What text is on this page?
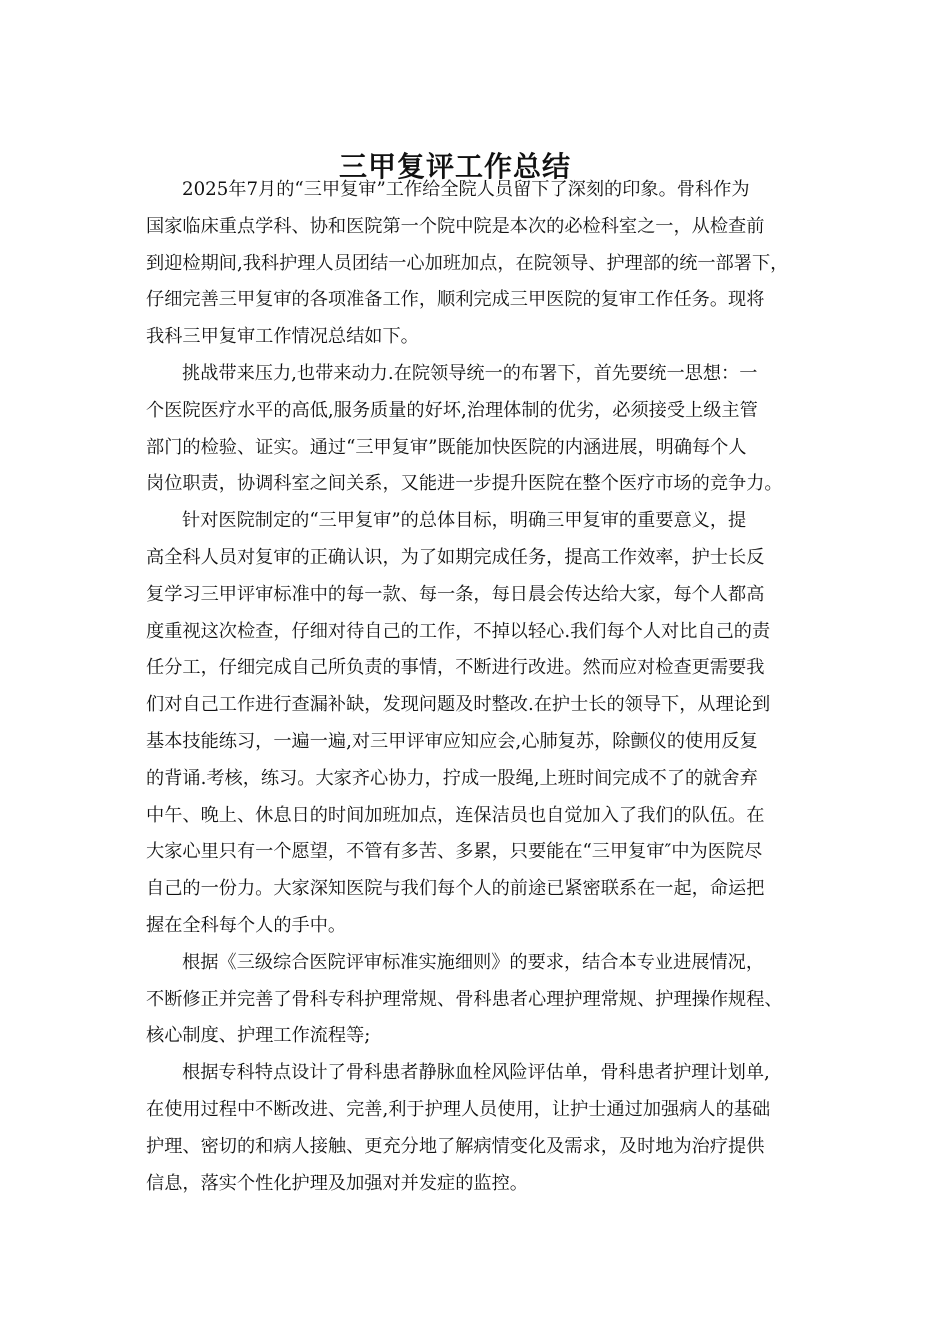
三甲复评工作总结
2025年7月的“三甲复审”工作给全院人员留下了深刻的印象。骨科作为
国家临床重点学科、协和医院第一个院中院是本次的必检科室之一，从检查前
到迎检期间,我科护理人员团结一心加班加点，在院领导、护理部的统一部署下，
仔细完善三甲复审的各项准备工作，顺利完成三甲医院的复审工作任务。现将
我科三甲复审工作情况总结如下。
挑战带来压力,也带来动力.在院领导统一的布署下，首先要统一思想：一
个医院医疗水平的高低,服务质量的好坏,治理体制的优劣，必须接受上级主管
部门的检验、证实。通过“三甲复审”既能加快医院的内涵进展，明确每个人
岗位职责，协调科室之间关系，又能进一步提升医院在整个医疗市场的竞争力。
针对医院制定的“三甲复审”的总体目标，明确三甲复审的重要意义，提
高全科人员对复审的正确认识，为了如期完成任务，提高工作效率，护士长反
复学习三甲评审标准中的每一款、每一条，每日晨会传达给大家，每个人都高
度重视这次检查，仔细对待自己的工作，不掉以轻心.我们每个人对比自己的责
任分工，仔细完成自己所负责的事情，不断进行改进。然而应对检查更需要我
们对自己工作进行查漏补缺，发现问题及时整改.在护士长的领导下，从理论到
基本技能练习，一遍一遍,对三甲评审应知应会,心肺复苏，除颤仪的使用反复
的背诵.考核，练习。大家齐心协力，拧成一股绳,上班时间完成不了的就舍弃
中午、晚上、休息日的时间加班加点，连保洁员也自觉加入了我们的队伍。在
大家心里只有一个愿望，不管有多苦、多累，只要能在“三甲复审″中为医院尽
自己的一份力。大家深知医院与我们每个人的前途已紧密联系在一起，命运把
握在全科每个人的手中。
根据《三级综合医院评审标准实施细则》的要求，结合本专业进展情况，
不断修正并完善了骨科专科护理常规、骨科患者心理护理常规、护理操作规程、
核心制度、护理工作流程等;
根据专科特点设计了骨科患者静脉血栓风险评估单，骨科患者护理计划单,
在使用过程中不断改进、完善,利于护理人员使用，让护士通过加强病人的基础
护理、密切的和病人接触、更充分地了解病情变化及需求，及时地为治疗提供
信息，落实个性化护理及加强对并发症的监控。
